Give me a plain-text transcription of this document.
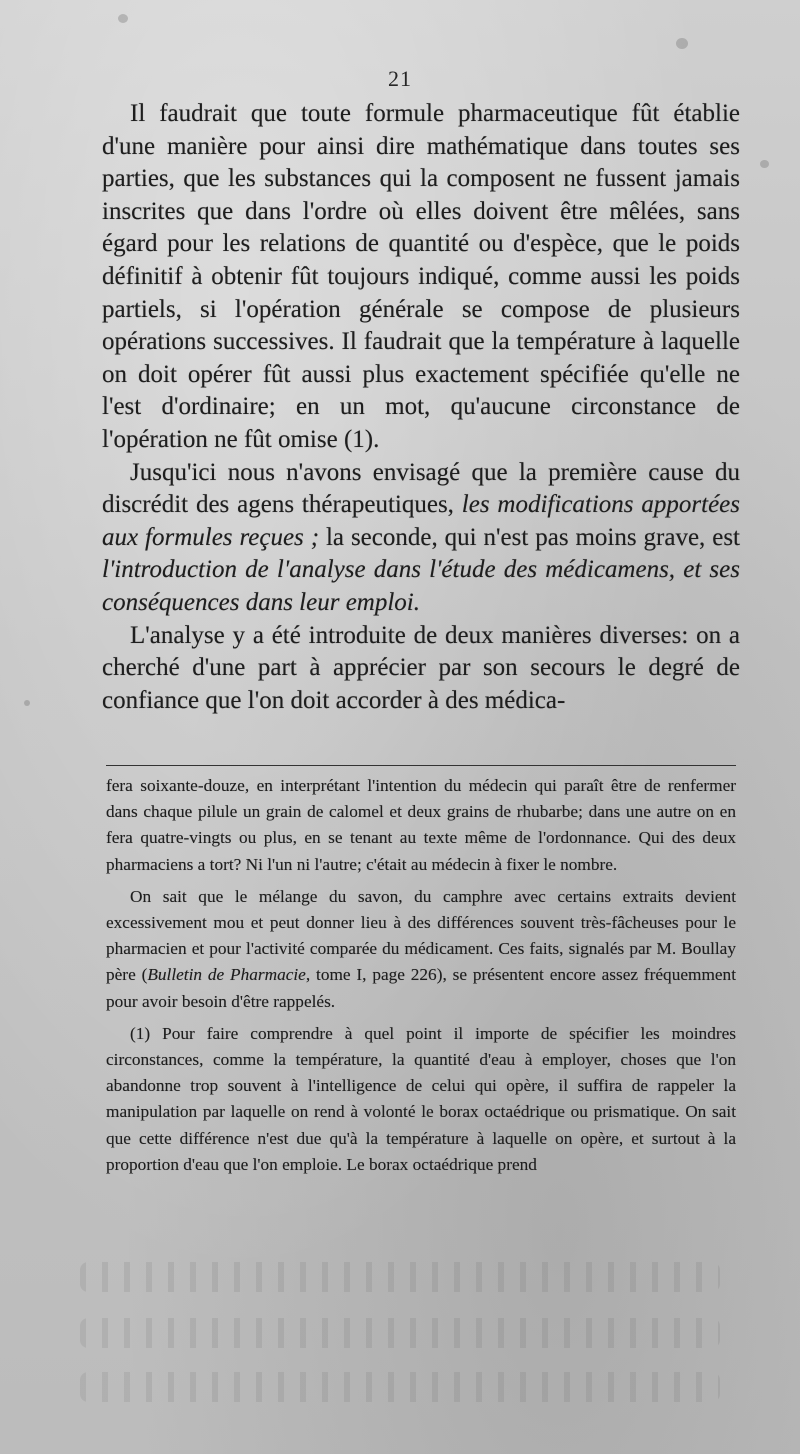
21

Il faudrait que toute formule pharmaceutique fût établie d'une manière pour ainsi dire mathématique dans toutes ses parties, que les substances qui la composent ne fussent jamais inscrites que dans l'ordre où elles doivent être mêlées, sans égard pour les relations de quantité ou d'espèce, que le poids définitif à obtenir fût toujours indiqué, comme aussi les poids partiels, si l'opération générale se compose de plusieurs opérations successives. Il faudrait que la température à laquelle on doit opérer fût aussi plus exactement spécifiée qu'elle ne l'est d'ordinaire; en un mot, qu'aucune circonstance de l'opération ne fût omise (1).

Jusqu'ici nous n'avons envisagé que la première cause du discrédit des agens thérapeutiques, les modifications apportées aux formules reçues ; la seconde, qui n'est pas moins grave, est l'introduction de l'analyse dans l'étude des médicamens, et ses conséquences dans leur emploi.

L'analyse y a été introduite de deux manières diverses: on a cherché d'une part à apprécier par son secours le degré de confiance que l'on doit accorder à des médica-

fera soixante-douze, en interprétant l'intention du médecin qui paraît être de renfermer dans chaque pilule un grain de calomel et deux grains de rhubarbe; dans une autre on en fera quatre-vingts ou plus, en se tenant au texte même de l'ordonnance. Qui des deux pharmaciens a tort? Ni l'un ni l'autre; c'était au médecin à fixer le nombre.

On sait que le mélange du savon, du camphre avec certains extraits devient excessivement mou et peut donner lieu à des différences souvent très-fâcheuses pour le pharmacien et pour l'activité comparée du médicament. Ces faits, signalés par M. Boullay père (Bulletin de Pharmacie, tome I, page 226), se présentent encore assez fréquemment pour avoir besoin d'être rappelés.

(1) Pour faire comprendre à quel point il importe de spécifier les moindres circonstances, comme la température, la quantité d'eau à employer, choses que l'on abandonne trop souvent à l'intelligence de celui qui opère, il suffira de rappeler la manipulation par laquelle on rend à volonté le borax octaédrique ou prismatique. On sait que cette différence n'est due qu'à la température à laquelle on opère, et surtout à la proportion d'eau que l'on emploie. Le borax octaédrique prend
